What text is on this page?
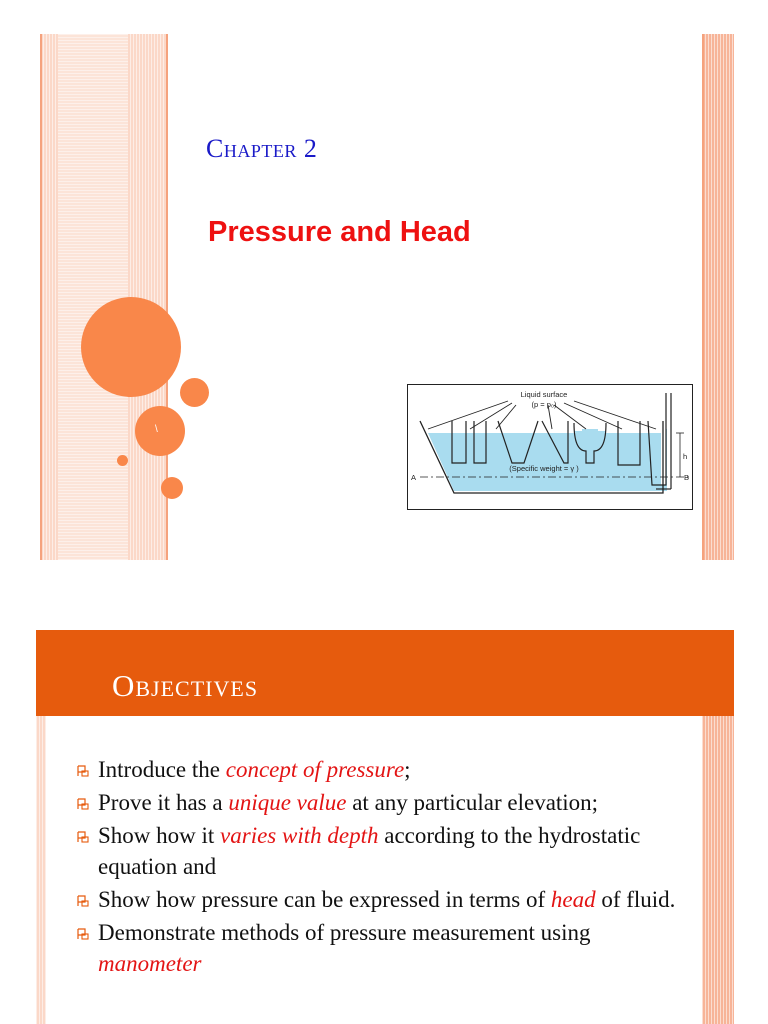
\
Chapter 2
Pressure and Head
Liquid surface
(p = p₀)
(Specific weight = γ )
A	B
h
Objectives
Introduce the concept of pressure;
Prove it has a unique value at any particular elevation;
Show how it varies with depth according to the hydrostatic equation and
Show how pressure can be expressed in terms of head of fluid.
Demonstrate methods of pressure measurement using manometer
